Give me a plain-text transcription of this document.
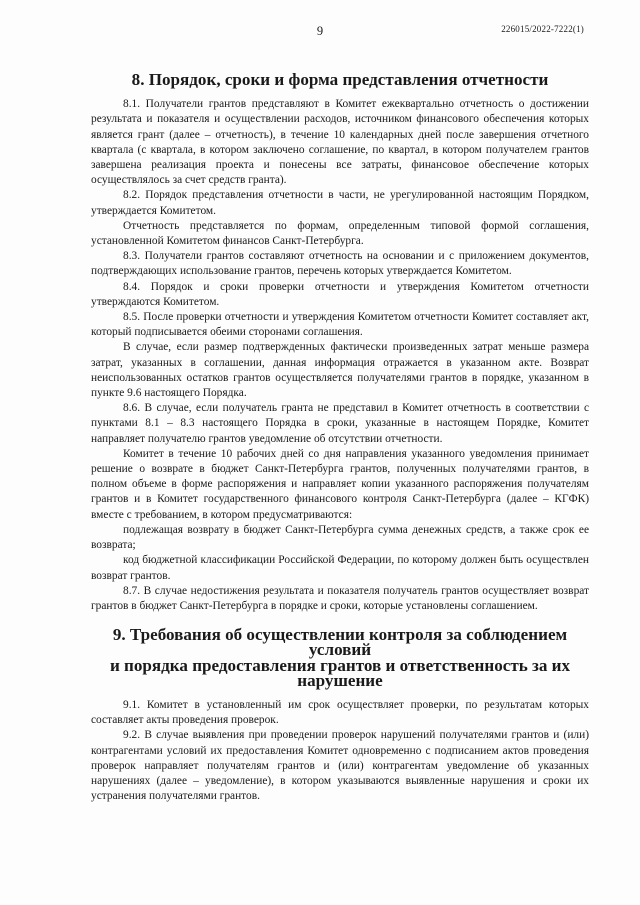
9	226015/2022-7222(1)
8. Порядок, сроки и форма представления отчетности

8.1. Получатели грантов представляют в Комитет ежеквартально отчетность о достижении результата и показателя и осуществлении расходов, источником финансового обеспечения которых является грант (далее – отчетность), в течение 10 календарных дней после завершения отчетного квартала (с квартала, в котором заключено соглашение, по квартал, в котором получателем грантов завершена реализация проекта и понесены все затраты, финансовое обеспечение которых осуществлялось за счет средств гранта).

8.2. Порядок представления отчетности в части, не урегулированной настоящим Порядком, утверждается Комитетом.

Отчетность представляется по формам, определенным типовой формой соглашения, установленной Комитетом финансов Санкт-Петербурга.

8.3. Получатели грантов составляют отчетность на основании и с приложением документов, подтверждающих использование грантов, перечень которых утверждается Комитетом.

8.4. Порядок и сроки проверки отчетности и утверждения Комитетом отчетности утверждаются Комитетом.

8.5. После проверки отчетности и утверждения Комитетом отчетности Комитет составляет акт, который подписывается обеими сторонами соглашения.

В случае, если размер подтвержденных фактически произведенных затрат меньше размера затрат, указанных в соглашении, данная информация отражается в указанном акте. Возврат неиспользованных остатков грантов осуществляется получателями грантов в порядке, указанном в пункте 9.6 настоящего Порядка.

8.6. В случае, если получатель гранта не представил в Комитет отчетность в соответствии с пунктами 8.1 – 8.3 настоящего Порядка в сроки, указанные в настоящем Порядке, Комитет направляет получателю грантов уведомление об отсутствии отчетности.

Комитет в течение 10 рабочих дней со дня направления указанного уведомления принимает решение о возврате в бюджет Санкт-Петербурга грантов, полученных получателями грантов, в полном объеме в форме распоряжения и направляет копии указанного распоряжения получателям грантов и в Комитет государственного финансового контроля Санкт-Петербурга (далее – КГФК) вместе с требованием, в котором предусматриваются:

подлежащая возврату в бюджет Санкт-Петербурга сумма денежных средств, а также срок ее возврата;

код бюджетной классификации Российской Федерации, по которому должен быть осуществлен возврат грантов.

8.7. В случае недостижения результата и показателя получатель грантов осуществляет возврат грантов в бюджет Санкт-Петербурга в порядке и сроки, которые установлены соглашением.

9. Требования об осуществлении контроля за соблюдением условий
и порядка предоставления грантов и ответственность за их нарушение

9.1. Комитет в установленный им срок осуществляет проверки, по результатам которых составляет акты проведения проверок.

9.2. В случае выявления при проведении проверок нарушений получателями грантов и (или) контрагентами условий их предоставления Комитет одновременно с подписанием актов проведения проверок направляет получателям грантов и (или) контрагентам уведомление об указанных нарушениях (далее – уведомление), в котором указываются выявленные нарушения и сроки их устранения получателями грантов.
